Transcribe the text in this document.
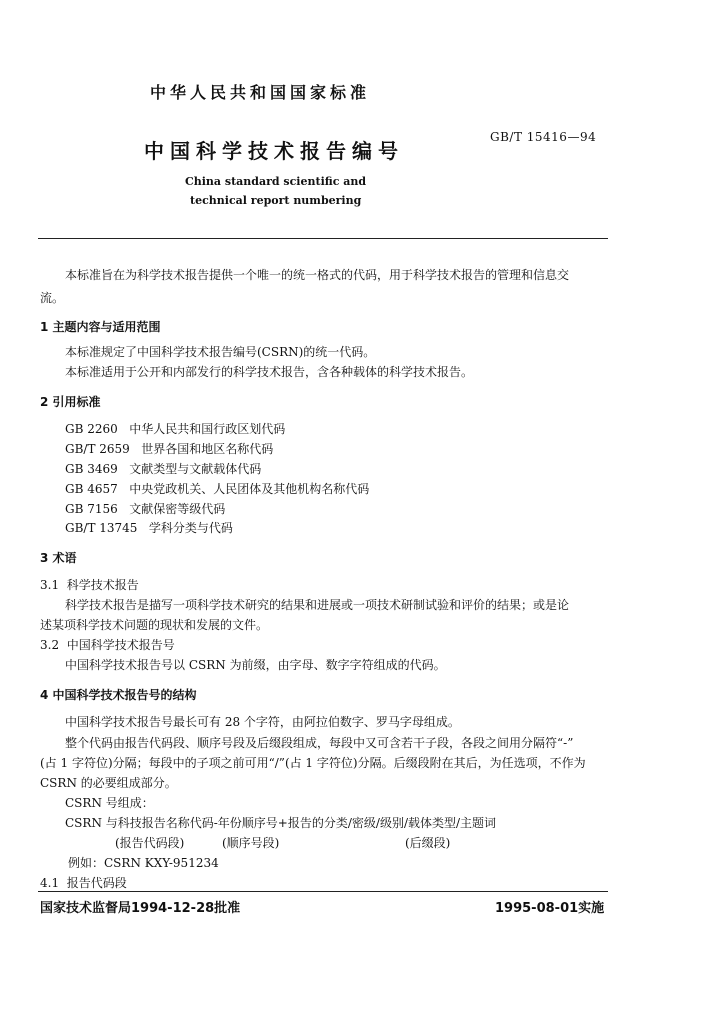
中华人民共和国国家标准
GB/T 15416—94
中国科学技术报告编号
China standard scientific and
technical report numbering
本标准旨在为科学技术报告提供一个唯一的统一格式的代码，用于科学技术报告的管理和信息交
流。
1 主题内容与适用范围
本标准规定了中国科学技术报告编号(CSRN)的统一代码。
本标准适用于公开和内部发行的科学技术报告，含各种载体的科学技术报告。
2 引用标准
GB 2260   中华人民共和国行政区划代码
GB/T 2659   世界各国和地区名称代码
GB 3469   文献类型与文献载体代码
GB 4657   中央党政机关、人民团体及其他机构名称代码
GB 7156   文献保密等级代码
GB/T 13745   学科分类与代码
3 术语
3.1  科学技术报告
科学技术报告是描写一项科学技术研究的结果和进展或一项技术研制试验和评价的结果；或是论
述某项科学技术问题的现状和发展的文件。
3.2  中国科学技术报告号
中国科学技术报告号以 CSRN 为前缀，由字母、数字字符组成的代码。
4 中国科学技术报告号的结构
中国科学技术报告号最长可有 28 个字符，由阿拉伯数字、罗马字母组成。
整个代码由报告代码段、顺序号段及后缀段组成，每段中又可含若干子段，各段之间用分隔符“-”
(占 1 字符位)分隔；每段中的子项之前可用“/”(占 1 字符位)分隔。后缀段附在其后，为任选项，不作为
CSRN 的必要组成部分。
CSRN 号组成：
CSRN 与科技报告名称代码-年份顺序号+报告的分类/密级/级别/载体类型/主题词
(报告代码段)	(顺序号段)	(后缀段)
例如：CSRN KXY-951234
4.1  报告代码段
国家技术监督局1994-12-28批准	1995-08-01实施
